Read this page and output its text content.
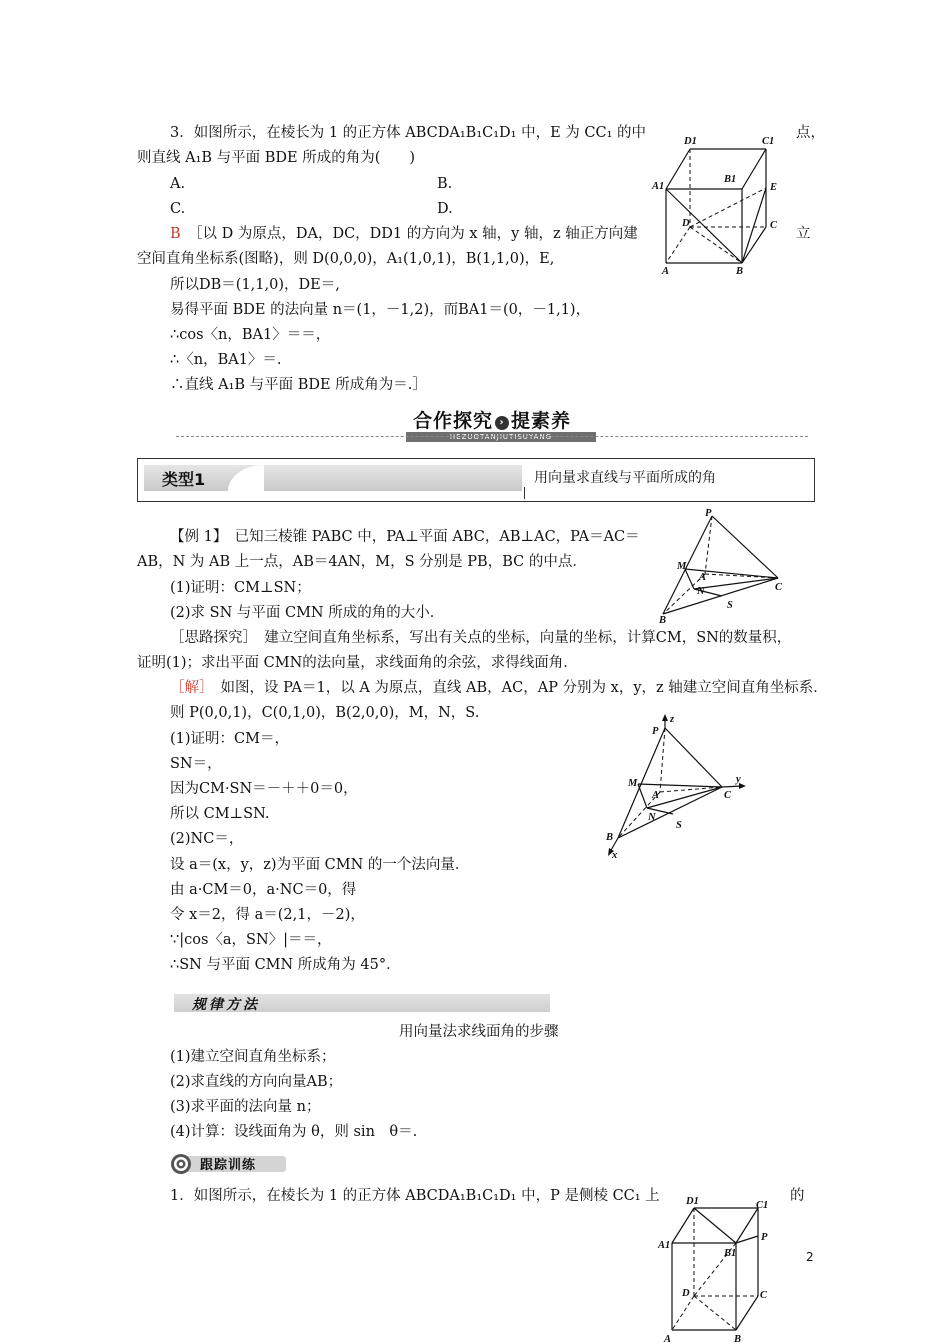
3．如图所示，在棱长为 1 的正方体 ABCDA₁B₁C₁D₁ 中，E 为 CC₁ 的中	点，
则直线 A₁B 与平面 BDE 所成的角为(　　)
A.	B.
C.	D.
B ［以 D 为原点，DA，DC，DD1 的方向为 x 轴，y 轴，z 轴正方向建	立
空间直角坐标系(图略)，则 D(0,0,0)，A₁(1,0,1)，B(1,1,0)，E,
所以DB＝(1,1,0)，DE＝,
易得平面 BDE 的法向量 n＝(1，－1,2)，而BA1＝(0，－1,1)，
∴cos〈n，BA1〉＝＝，
∴〈n，BA1〉＝.
∴直线 A₁B 与平面 BDE 所成角为＝.］
D1	C1
A1
B1
E
D	C
A	B
合作探究 › 提素养
HEZUOTANJIUTISUYANG
类型1	用向量求直线与平面所成的角
【例 1】　已知三棱锥 PABC 中，PA⊥平面 ABC，AB⊥AC，PA＝AC＝
AB，N 为 AB 上一点，AB＝4AN，M，S 分别是 PB，BC 的中点．
(1)证明：CM⊥SN；
(2)求 SN 与平面 CMN 所成的角的大小．
［思路探究］　建立空间直角坐标系，写出有关点的坐标，向量的坐标，计算CM，SN的数量积，
证明(1)；求出平面 CMN的法向量，求线面角的余弦，求得线面角．
［解］
　如图，设 PA＝1，以 A 为原点，直线 AB，AC，AP 分别为 x，y，z 轴建立空间直角坐标系．
则 P(0,0,1)，C(0,1,0)，B(2,0,0)，M，N，S.
(1)证明：CM＝，
SN＝，
因为CM·SN＝－＋＋0＝0，
所以 CM⊥SN.
(2)NC＝，
设 a＝(x，y，z)为平面 CMN 的一个法向量．
由 a·CM＝0，a·NC＝0，得
令 x＝2，得 a＝(2,1，－2)，
∵|cos〈a，SN〉|＝＝，
∴SN 与平面 CMN 所成角为 45°．
P
M
A
C
N
B
S
z
P
M
A
y
C
N
S
B
x
规律方法
用向量法求线面角的步骤
(1)建立空间直角坐标系；
(2)求直线的方向向量AB；
(3)求平面的法向量 n；
(4)计算：设线面角为 θ，则 sin　θ＝.
跟踪训练
1．如图所示，在棱长为 1 的正方体 ABCDA₁B₁C₁D₁ 中，P 是侧棱 CC₁ 上	的
D1	C1
A1
B1
P
D	C
A	B
2
